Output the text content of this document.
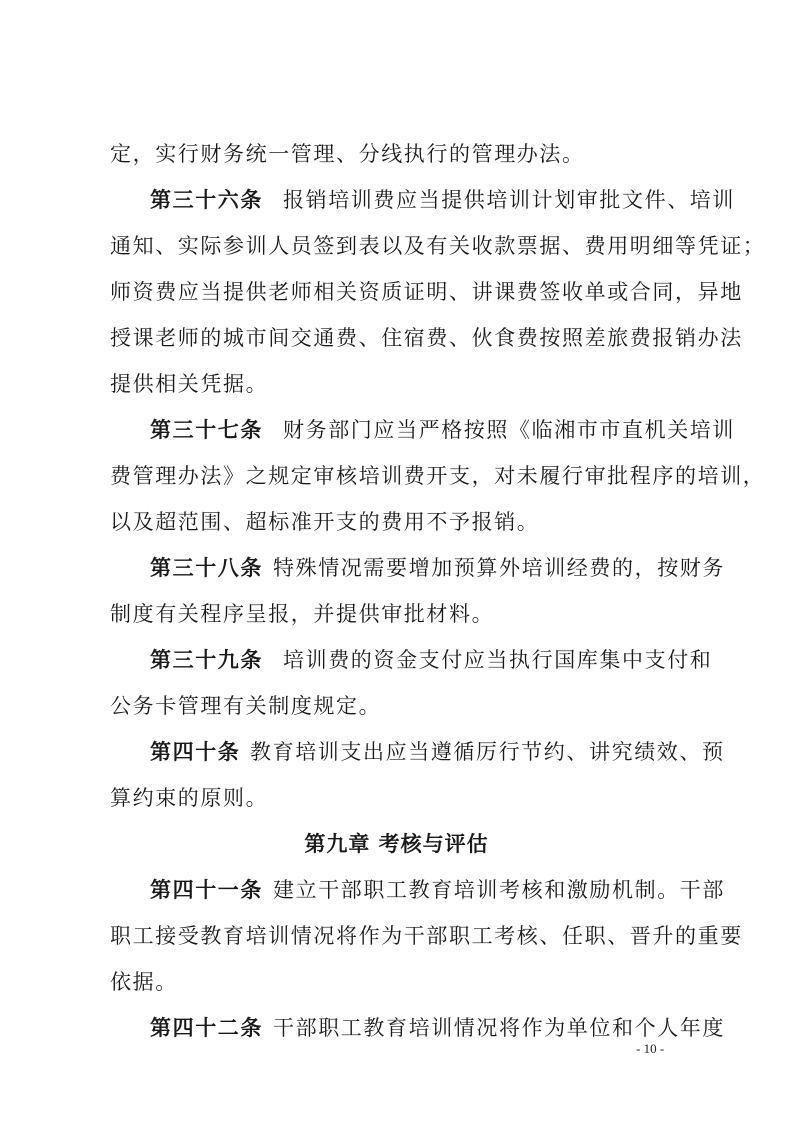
定，实行财务统一管理、分线执行的管理办法。
第三十六条 报销培训费应当提供培训计划审批文件、培训
通知、实际参训人员签到表以及有关收款票据、费用明细等凭证；
师资费应当提供老师相关资质证明、讲课费签收单或合同，异地
授课老师的城市间交通费、住宿费、伙食费按照差旅费报销办法
提供相关凭据。
第三十七条 财务部门应当严格按照《临湘市市直机关培训
费管理办法》之规定审核培训费开支，对未履行审批程序的培训，
以及超范围、超标准开支的费用不予报销。
第三十八条 特殊情况需要增加预算外培训经费的，按财务
制度有关程序呈报，并提供审批材料。
第三十九条 培训费的资金支付应当执行国库集中支付和
公务卡管理有关制度规定。
第四十条 教育培训支出应当遵循厉行节约、讲究绩效、预
算约束的原则。
第九章 考核与评估
第四十一条 建立干部职工教育培训考核和激励机制。干部
职工接受教育培训情况将作为干部职工考核、任职、晋升的重要
依据。
第四十二条 干部职工教育培训情况将作为单位和个人年度
- 10 -
